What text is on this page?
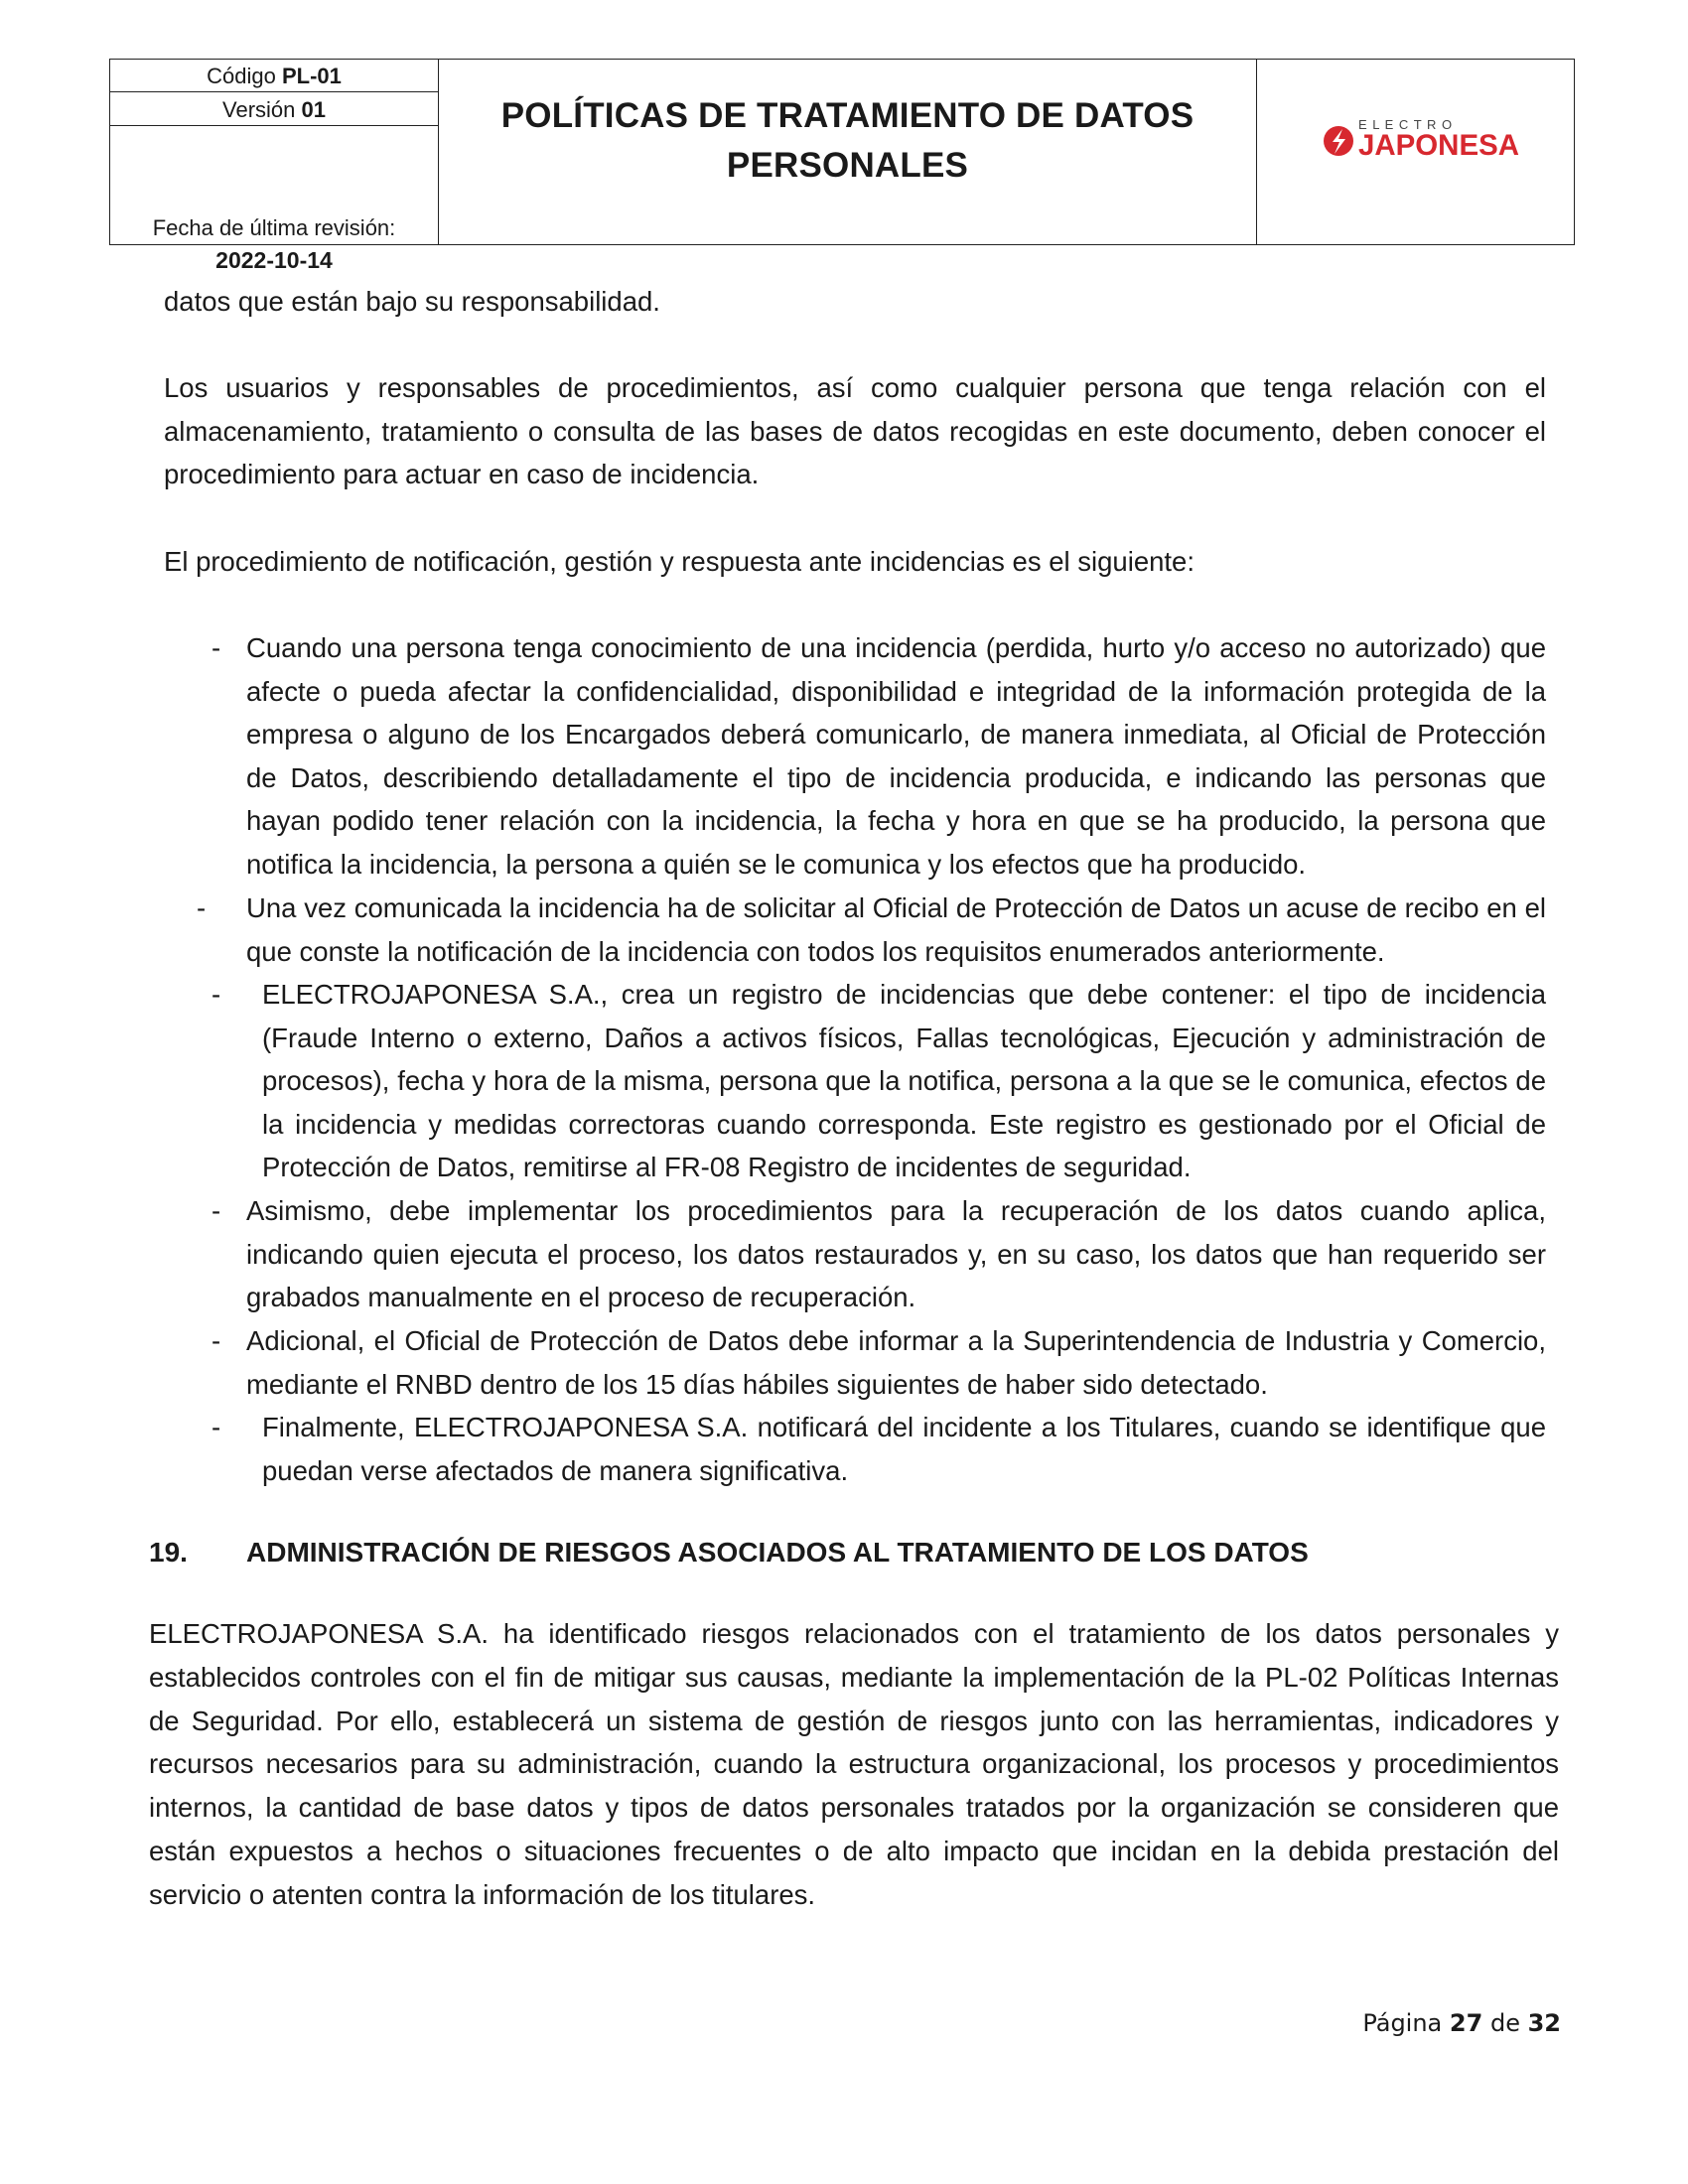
Código PL-01
Versión 01
Fecha de última revisión:
2022-10-14
POLÍTICAS DE TRATAMIENTO DE DATOS
PERSONALES
E L E C T R O
JAPONESA

datos que están bajo su responsabilidad.

Los usuarios y responsables de procedimientos, así como cualquier persona que tenga relación con el almacenamiento, tratamiento o consulta de las bases de datos recogidas en este documento, deben conocer el procedimiento para actuar en caso de incidencia.

El procedimiento de notificación, gestión y respuesta ante incidencias es el siguiente:

- Cuando una persona tenga conocimiento de una incidencia (perdida, hurto y/o acceso no autorizado) que afecte o pueda afectar la confidencialidad, disponibilidad e integridad de la información protegida de la empresa o alguno de los Encargados deberá comunicarlo, de manera inmediata, al Oficial de Protección de Datos, describiendo detalladamente el tipo de incidencia producida, e indicando las personas que hayan podido tener relación con la incidencia, la fecha y hora en que se ha producido, la persona que notifica la incidencia, la persona a quién se le comunica y los efectos que ha producido.

- Una vez comunicada la incidencia ha de solicitar al Oficial de Protección de Datos un acuse de recibo en el que conste la notificación de la incidencia con todos los requisitos enumerados anteriormente.

- ELECTROJAPONESA S.A., crea un registro de incidencias que debe contener: el tipo de incidencia (Fraude Interno o externo, Daños a activos físicos, Fallas tecnológicas, Ejecución y administración de procesos), fecha y hora de la misma, persona que la notifica, persona a la que se le comunica, efectos de la incidencia y medidas correctoras cuando corresponda. Este registro es gestionado por el Oficial de Protección de Datos, remitirse al FR-08 Registro de incidentes de seguridad.

- Asimismo, debe implementar los procedimientos para la recuperación de los datos cuando aplica, indicando quien ejecuta el proceso, los datos restaurados y, en su caso, los datos que han requerido ser grabados manualmente en el proceso de recuperación.

- Adicional, el Oficial de Protección de Datos debe informar a la Superintendencia de Industria y Comercio, mediante el RNBD dentro de los 15 días hábiles siguientes de haber sido detectado.

- Finalmente, ELECTROJAPONESA S.A. notificará del incidente a los Titulares, cuando se identifique que puedan verse afectados de manera significativa.

19. ADMINISTRACIÓN DE RIESGOS ASOCIADOS AL TRATAMIENTO DE LOS DATOS

ELECTROJAPONESA S.A. ha identificado riesgos relacionados con el tratamiento de los datos personales y establecidos controles con el fin de mitigar sus causas, mediante la implementación de la PL-02 Políticas Internas de Seguridad. Por ello, establecerá un sistema de gestión de riesgos junto con las herramientas, indicadores y recursos necesarios para su administración, cuando la estructura organizacional, los procesos y procedimientos internos, la cantidad de base datos y tipos de datos personales tratados por la organización se consideren que están expuestos a hechos o situaciones frecuentes o de alto impacto que incidan en la debida prestación del servicio o atenten contra la información de los titulares.

Página 27 de 32
